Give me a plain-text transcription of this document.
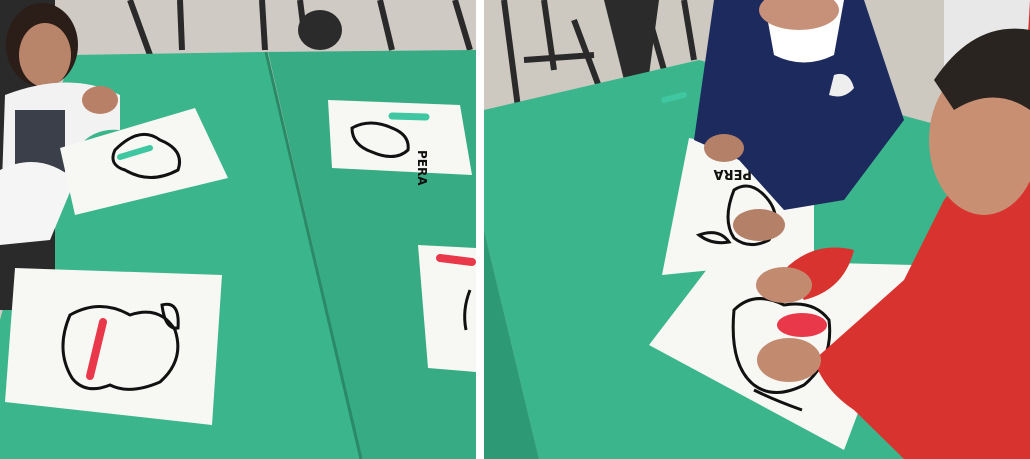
PERA	PERA
